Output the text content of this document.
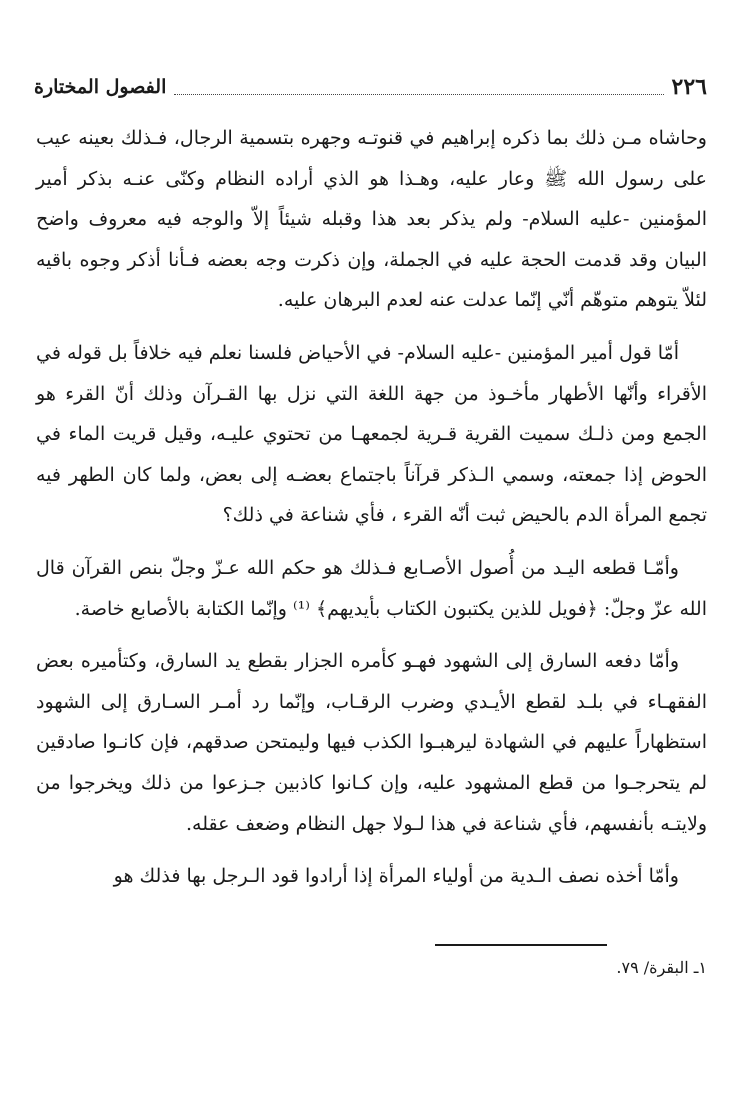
٢٢٦
الفصول المختارة

وحاشاه مـن ذلك بما ذكره إبراهيم في قنوتـه وجهره بتسمية الرجال، فـذلك بعينه عيب على رسول الله ﷺ وعار عليه، وهـذا هو الذي أراده النظام وكنّى عنـه بذكر أمير المؤمنين -عليه السلام- ولم يذكر بعد هذا وقبله شيئاً إلاّ والوجه فيه معروف واضح البيان وقد قدمت الحجة عليه في الجملة، وإن ذكرت وجه بعضه فـأنا أذكر وجوه باقيه لئلاّ يتوهم متوهّم أنّي إنّما عدلت عنه لعدم البرهان عليه.

أمّا قول أمير المؤمنين -عليه السلام- في الأحياض فلسنا نعلم فيه خلافاً بل قوله في الأقراء وأنّها الأطهار مأخـوذ من جهة اللغة التي نزل بها القـرآن وذلك أنّ القرء هو الجمع ومن ذلـك سميت القرية قـرية لجمعهـا من تحتوي عليـه، وقيل قريت الماء في الحوض إذا جمعته، وسمي الـذكر قرآناً باجتماع بعضـه إلى بعض، ولما كان الطهر فيه تجمع المرأة الدم بالحيض ثبت أنّه القرء ، فأي شناعة في ذلك؟

وأمّـا قطعه اليـد من أُصول الأصـابع فـذلك هو حكم الله عـزّ وجلّ بنص القرآن قال الله عزّ وجلّ: ﴿فويل للذين يكتبون الكتاب بأيديهم﴾ ⁽¹⁾ وإنّما الكتابة بالأصابع خاصة.

وأمّا دفعه السارق إلى الشهود فهـو كأمره الجزار بقطع يد السارق، وكتأميره بعض الفقهـاء في بلـد لقطع الأيـدي وضرب الرقـاب، وإنّما رد أمـر السـارق إلى الشهود استظهاراً عليهم في الشهادة ليرهبـوا الكذب فيها وليمتحن صدقهم، فإن كانـوا صادقين لم يتحرجـوا من قطع المشهود عليه، وإن كـانوا كاذبين جـزعوا من ذلك ويخرجوا من ولايتـه بأنفسهم، فأي شناعة في هذا لـولا جهل النظام وضعف عقله.

وأمّا أخذه نصف الـدية من أولياء المرأة إذا أرادوا قود الـرجل بها فذلك هو

١ـ البقرة/ ٧٩.
